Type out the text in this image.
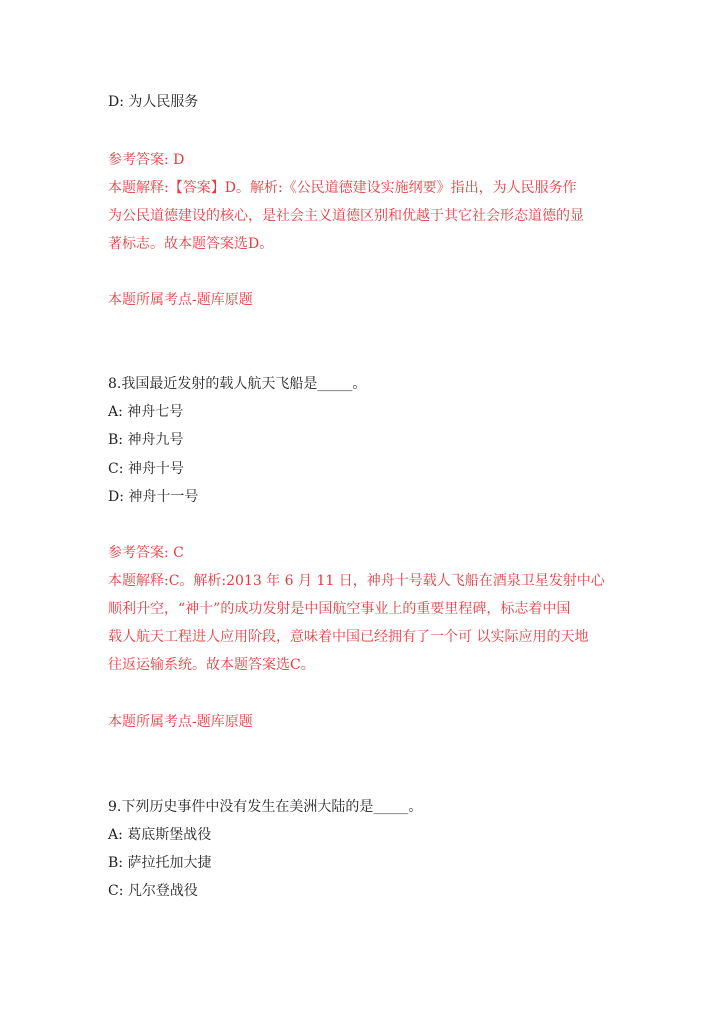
D: 为人民服务
参考答案: D
本题解释:【答案】D。解析:《公民道德建设实施纲要》指出，为人民服务作
为公民道德建设的核心，是社会主义道德区别和优越于其它社会形态道德的显
著标志。故本题答案选D。
本题所属考点-题库原题
8.我国最近发射的载人航天飞船是_____。
A: 神舟七号
B: 神舟九号
C: 神舟十号
D: 神舟十一号
参考答案: C
本题解释:C。解析:2013 年 6 月 11 日，神舟十号载人飞船在酒泉卫星发射中心
顺利升空，“神十”的成功发射是中国航空事业上的重要里程碑，标志着中国
载人航天工程进人应用阶段，意味着中国已经拥有了一个可 以实际应用的天地
往返运输系统。故本题答案选C。
本题所属考点-题库原题
9.下列历史事件中没有发生在美洲大陆的是_____。
A: 葛底斯堡战役
B: 萨拉托加大捷
C: 凡尔登战役
